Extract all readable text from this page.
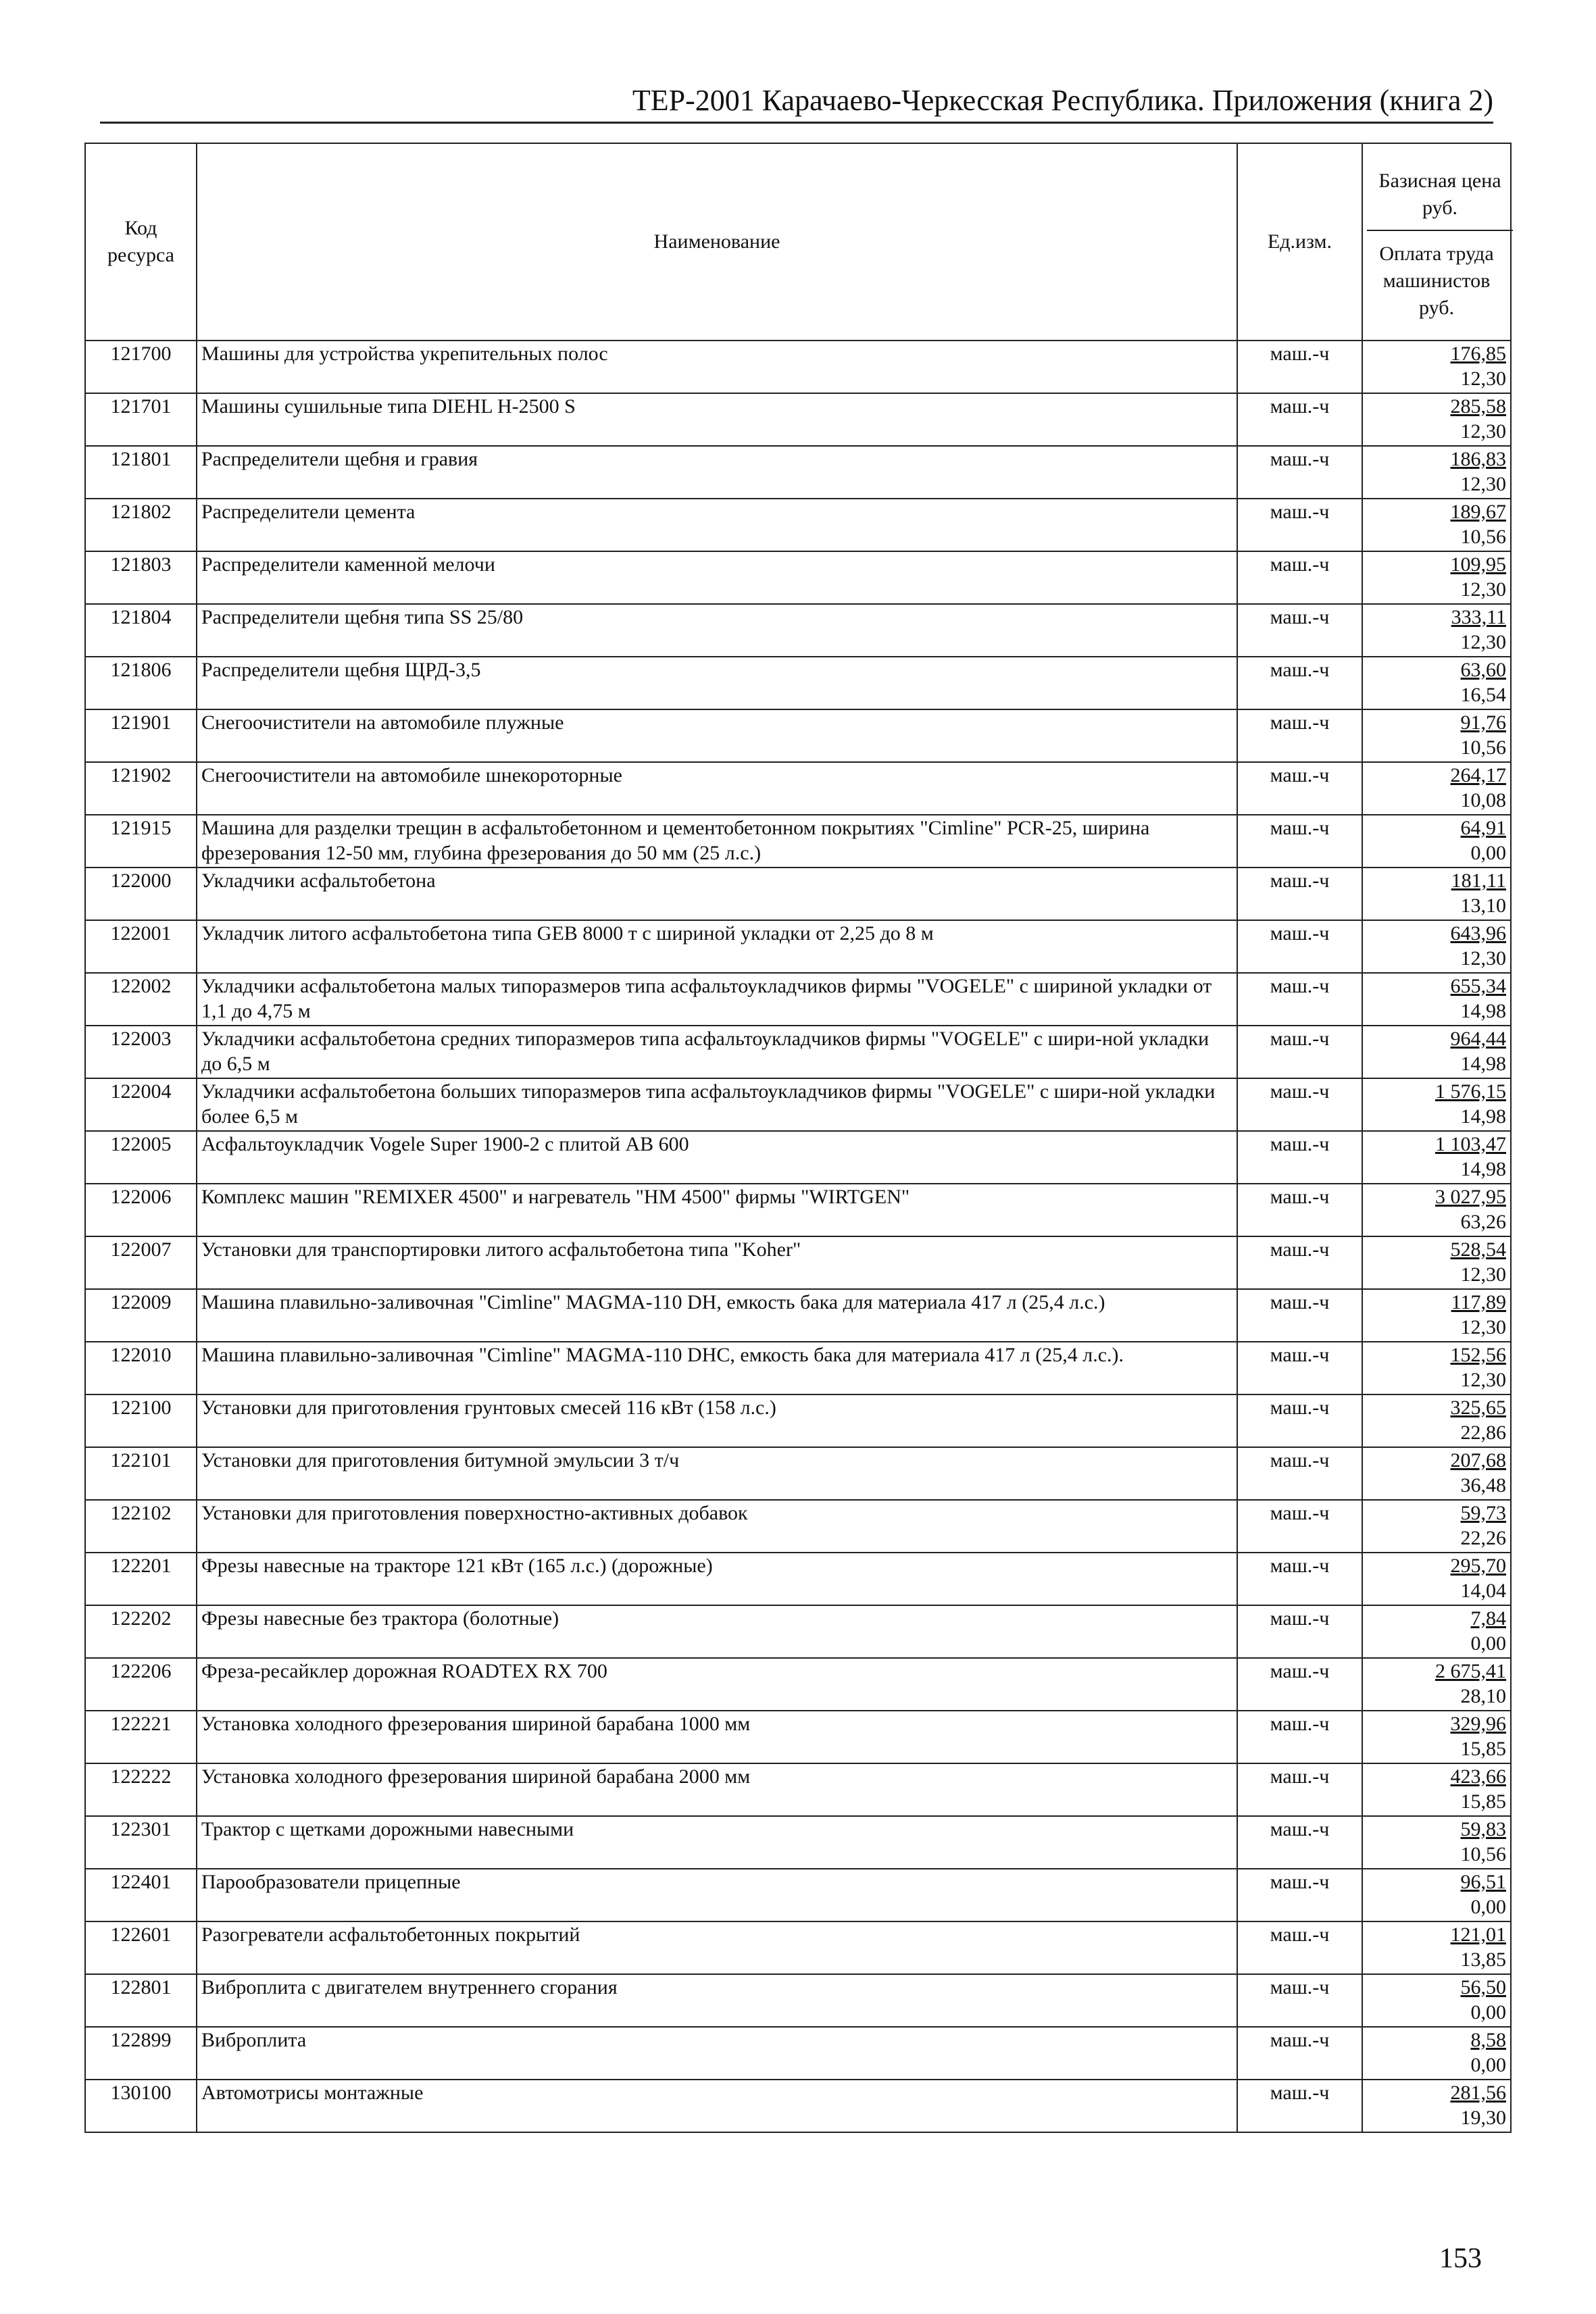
ТЕР-2001 Карачаево-Черкесская Республика. Приложения (книга 2)
Код ресурса	Наименование	Ед.изм.	Базисная цена руб.
Оплата труда машинистов руб.

121700	Машины для устройства укрепительных полос	маш.-ч	176,85
12,30

121701	Машины сушильные типа DIEHL H-2500 S	маш.-ч	285,58
12,30

121801	Распределители щебня и гравия	маш.-ч	186,83
12,30

121802	Распределители цемента	маш.-ч	189,67
10,56

121803	Распределители каменной мелочи	маш.-ч	109,95
12,30

121804	Распределители щебня типа SS 25/80	маш.-ч	333,11
12,30

121806	Распределители щебня ЩРД-3,5	маш.-ч	63,60
16,54

121901	Снегоочистители на автомобиле плужные	маш.-ч	91,76
10,56

121902	Снегоочистители на автомобиле шнекороторные	маш.-ч	264,17
10,08

121915	Машина для разделки трещин в асфальтобетонном и цементобетонном покрытиях "Cimline" PCR-25, ширина фрезерования 12-50 мм, глубина фрезерования до 50 мм (25 л.с.)	маш.-ч	64,91
0,00

122000	Укладчики асфальтобетона	маш.-ч	181,11
13,10

122001	Укладчик литого асфальтобетона типа GEB 8000 т с шириной укладки от 2,25 до 8 м	маш.-ч	643,96
12,30

122002	Укладчики асфальтобетона малых типоразмеров типа асфальтоукладчиков фирмы "VOGELE" с шириной укладки от 1,1 до 4,75 м	маш.-ч	655,34
14,98

122003	Укладчики асфальтобетона средних типоразмеров типа асфальтоукладчиков фирмы "VOGELE" с шири-ной укладки до 6,5 м	маш.-ч	964,44
14,98

122004	Укладчики асфальтобетона больших типоразмеров типа асфальтоукладчиков фирмы "VOGELE" с шири-ной укладки более 6,5 м	маш.-ч	1 576,15
14,98

122005	Асфальтоукладчик Vogele Super 1900-2 с плитой AB 600	маш.-ч	1 103,47
14,98

122006	Комплекс машин "REMIXER 4500" и нагреватель "HM 4500" фирмы "WIRTGEN"	маш.-ч	3 027,95
63,26

122007	Установки для транспортировки литого асфальтобетона типа "Koher"	маш.-ч	528,54
12,30

122009	Машина плавильно-заливочная "Cimline" MAGMA-110 DH, емкость бака для материала 417 л (25,4 л.с.)	маш.-ч	117,89
12,30

122010	Машина плавильно-заливочная "Cimline" MAGMA-110 DHC, емкость бака для материала 417 л (25,4 л.с.).	маш.-ч	152,56
12,30

122100	Установки для приготовления грунтовых смесей 116 кВт (158 л.с.)	маш.-ч	325,65
22,86

122101	Установки для приготовления битумной эмульсии 3 т/ч	маш.-ч	207,68
36,48

122102	Установки для приготовления поверхностно-активных добавок	маш.-ч	59,73
22,26

122201	Фрезы навесные на тракторе 121 кВт (165 л.с.) (дорожные)	маш.-ч	295,70
14,04

122202	Фрезы навесные без трактора (болотные)	маш.-ч	7,84
0,00

122206	Фреза-ресайклер дорожная ROADTEX RX 700	маш.-ч	2 675,41
28,10

122221	Установка холодного фрезерования шириной барабана 1000 мм	маш.-ч	329,96
15,85

122222	Установка холодного фрезерования шириной барабана 2000 мм	маш.-ч	423,66
15,85

122301	Трактор с щетками дорожными навесными	маш.-ч	59,83
10,56

122401	Парообразователи прицепные	маш.-ч	96,51
0,00

122601	Разогреватели асфальтобетонных покрытий	маш.-ч	121,01
13,85

122801	Виброплита с двигателем внутреннего сгорания	маш.-ч	56,50
0,00

122899	Виброплита	маш.-ч	8,58
0,00

130100	Автомотрисы монтажные	маш.-ч	281,56
19,30
153
